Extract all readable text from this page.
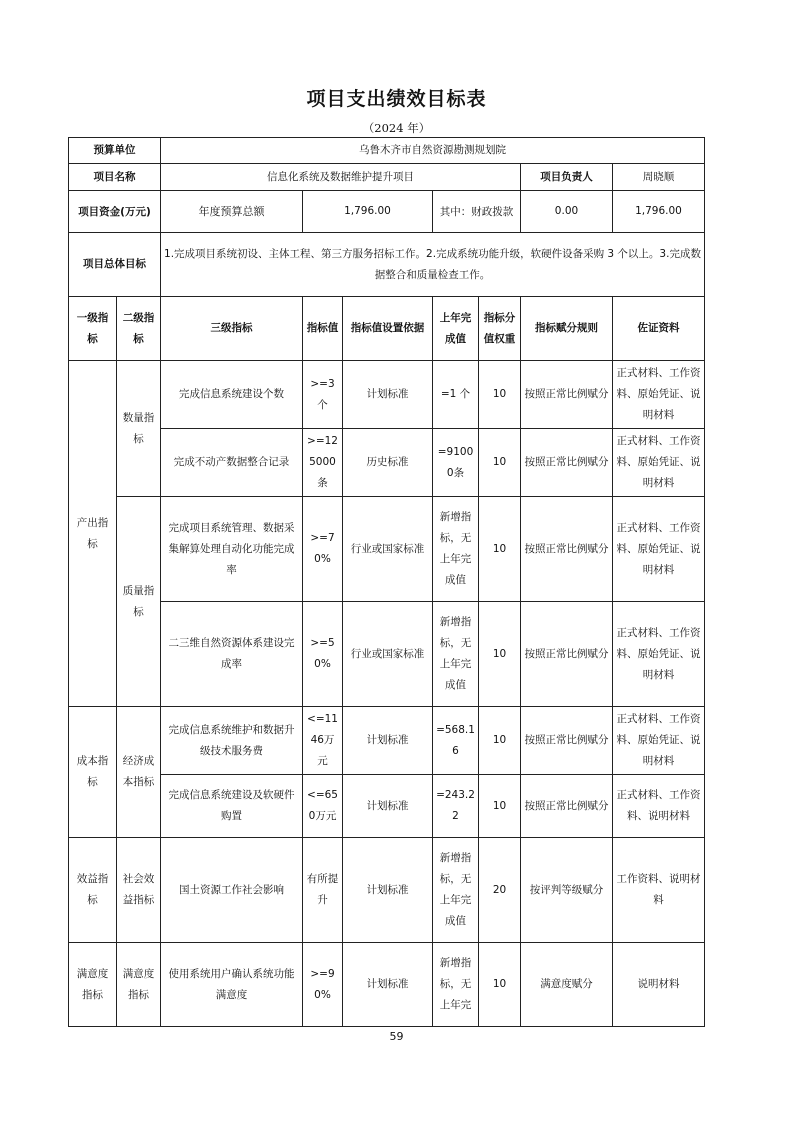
项目支出绩效目标表
（2024 年）
预算单位		乌鲁木齐市自然资源勘测规划院						
项目名称		信息化系统及数据维护提升项目					项目负责人	周晓顺
项目资金(万元)		年度预算总额	1,796.00		其中：财政拨款		0.00	1,796.00
项目总体目标		1.完成项目系统初设、主体工程、第三方服务招标工作。2.完成系统功能升级，软硬件设备采购 3 个以上。3.完成数据整合和质量检查工作。						
一级指标	二级指标	三级指标	指标值	指标值设置依据	上年完成值	指标分值权重	指标赋分规则	佐证资料
产出指标	数量指标	完成信息系统建设个数	>=3个	计划标准	=1 个	10	按照正常比例赋分	正式材料、工作资料、原始凭证、说明材料
		完成不动产数据整合记录	>=125000条	历史标准	=91000条	10	按照正常比例赋分	正式材料、工作资料、原始凭证、说明材料
	质量指标	完成项目系统管理、数据采集解算处理自动化功能完成率	>=70%	行业或国家标准	新增指标，无上年完成值	10	按照正常比例赋分	正式材料、工作资料、原始凭证、说明材料
		二三维自然资源体系建设完成率	>=50%	行业或国家标准	新增指标，无上年完成值	10	按照正常比例赋分	正式材料、工作资料、原始凭证、说明材料
成本指标	经济成本指标	完成信息系统维护和数据升级技术服务费	<=1146万元	计划标准	=568.16	10	按照正常比例赋分	正式材料、工作资料、原始凭证、说明材料
		完成信息系统建设及软硬件购置	<=650万元	计划标准	=243.22	10	按照正常比例赋分	正式材料、工作资料、说明材料
效益指标	社会效益指标	国土资源工作社会影响	有所提升	计划标准	新增指标，无上年完成值	20	按评判等级赋分	工作资料、说明材料
满意度指标	满意度指标	使用系统用户确认系统功能满意度	>=90%	计划标准	新增指标，无上年完	10	满意度赋分	说明材料
59
